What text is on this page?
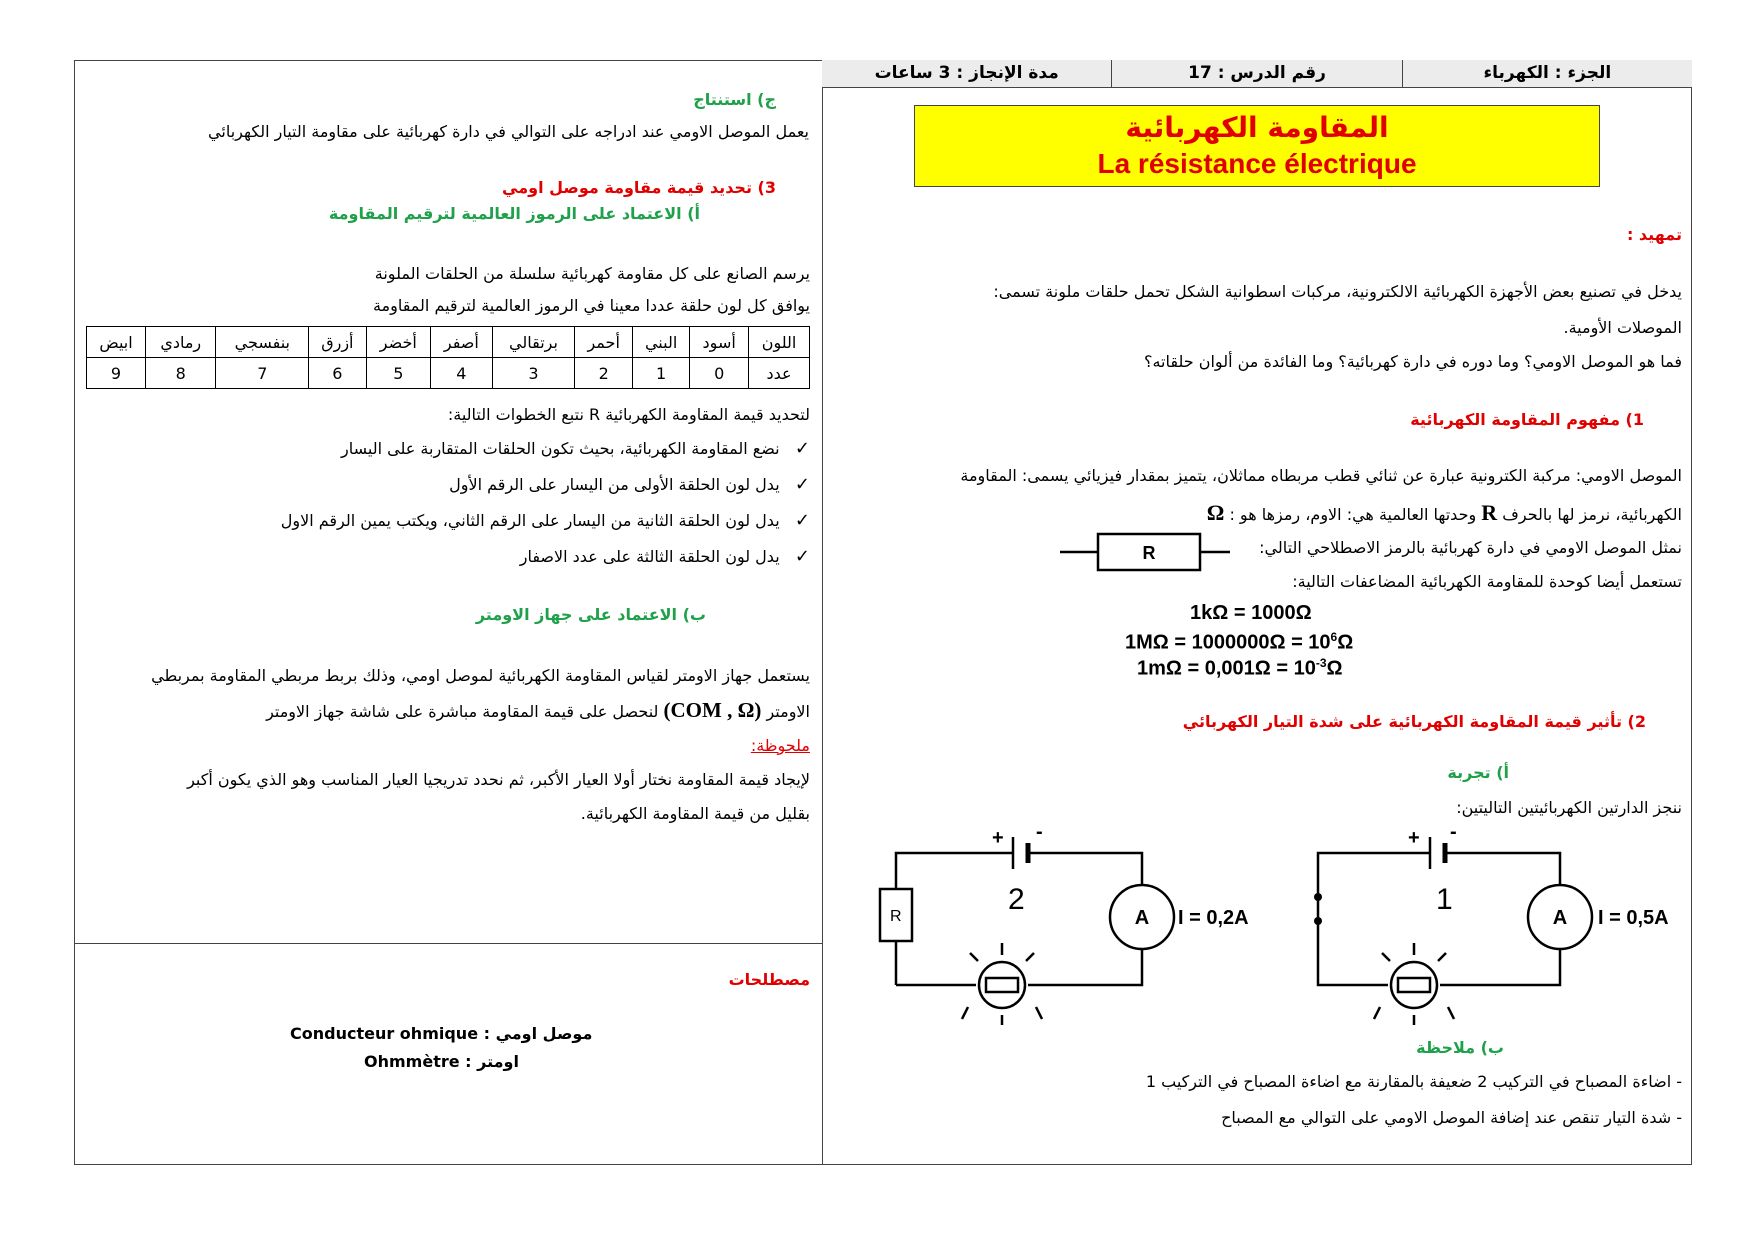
مدة الإنجاز : 3 ساعات	رقم الدرس : 17	الجزء : الكهرباء
المقاومة الكهربائية
La résistance électrique
تمهيد :
يدخل في تصنيع بعض الأجهزة الكهربائية الالكترونية، مركبات اسطوانية الشكل تحمل حلقات ملونة تسمى:
الموصلات الأومية.
فما هو الموصل الاومي؟ وما دوره في دارة كهربائية؟ وما الفائدة من ألوان حلقاته؟
1) مفهوم المقاومة الكهربائية
الموصل الاومي: مركبة الكترونية عبارة عن ثنائي قطب مربطاه مماثلان، يتميز بمقدار فيزيائي يسمى: المقاومة
الكهربائية، نرمز لها بالحرف R وحدتها العالمية هي: الاوم، رمزها هو : Ω
نمثل الموصل الاومي في دارة كهربائية بالرمز الاصطلاحي التالي:
R
تستعمل أيضا كوحدة للمقاومة الكهربائية المضاعفات التالية:
1kΩ = 1000Ω
$1M\Omega = 1000000\Omega = 10^6\Omega$
$1m\Omega = 0,001\Omega = 10^{-3}\Omega$
2) تأثير قيمة المقاومة الكهربائية على شدة التيار الكهربائي
أ) تجربة
ننجز الدارتين الكهربائيتين التاليتين:
+ -
1
A I = 0,5A
R
+ -
2
A I = 0,2A
ب) ملاحظة
- اضاءة المصباح في التركيب 2 ضعيفة بالمقارنة مع اضاءة المصباح في التركيب 1
- شدة التيار تنقص عند إضافة الموصل الاومي على التوالي مع المصباح
ج) استنتاج
يعمل الموصل الاومي عند ادراجه على التوالي في دارة كهربائية على مقاومة التيار الكهربائي
3) تحديد قيمة مقاومة موصل اومي
أ) الاعتماد على الرموز العالمية لترقيم المقاومة
يرسم الصانع على كل مقاومة كهربائية سلسلة من الحلقات الملونة
يوافق كل لون حلقة عددا معينا في الرموز العالمية لترقيم المقاومة
اللون	أسود	البني	أحمر	برتقالي	أصفر	أخضر	أزرق	بنفسجي	رمادي	ابيض
عدد	0	1	2	3	4	5	6	7	8	9
لتحديد قيمة المقاومة الكهربائية R نتبع الخطوات التالية:
✓   نضع المقاومة الكهربائية، بحيث تكون الحلقات المتقاربة على اليسار
✓   يدل لون الحلقة الأولى من اليسار على الرقم الأول
✓   يدل لون الحلقة الثانية من اليسار على الرقم الثاني، ويكتب يمين الرقم الاول
✓   يدل لون الحلقة الثالثة على عدد الاصفار
ب) الاعتماد على جهاز الاومتر
يستعمل جهاز الاومتر لقياس المقاومة الكهربائية لموصل اومي، وذلك بربط مربطي المقاومة بمربطي
الاومتر (COM , Ω) لنحصل على قيمة المقاومة مباشرة على شاشة جهاز الاومتر
ملحوظة:
لإيجاد قيمة المقاومة نختار أولا العيار الأكبر، ثم نحدد تدريجيا العيار المناسب وهو الذي يكون أكبر
بقليل من قيمة المقاومة الكهربائية.
مصطلحات
موصل اومي : Conducteur ohmique
اومتر : Ohmmètre
